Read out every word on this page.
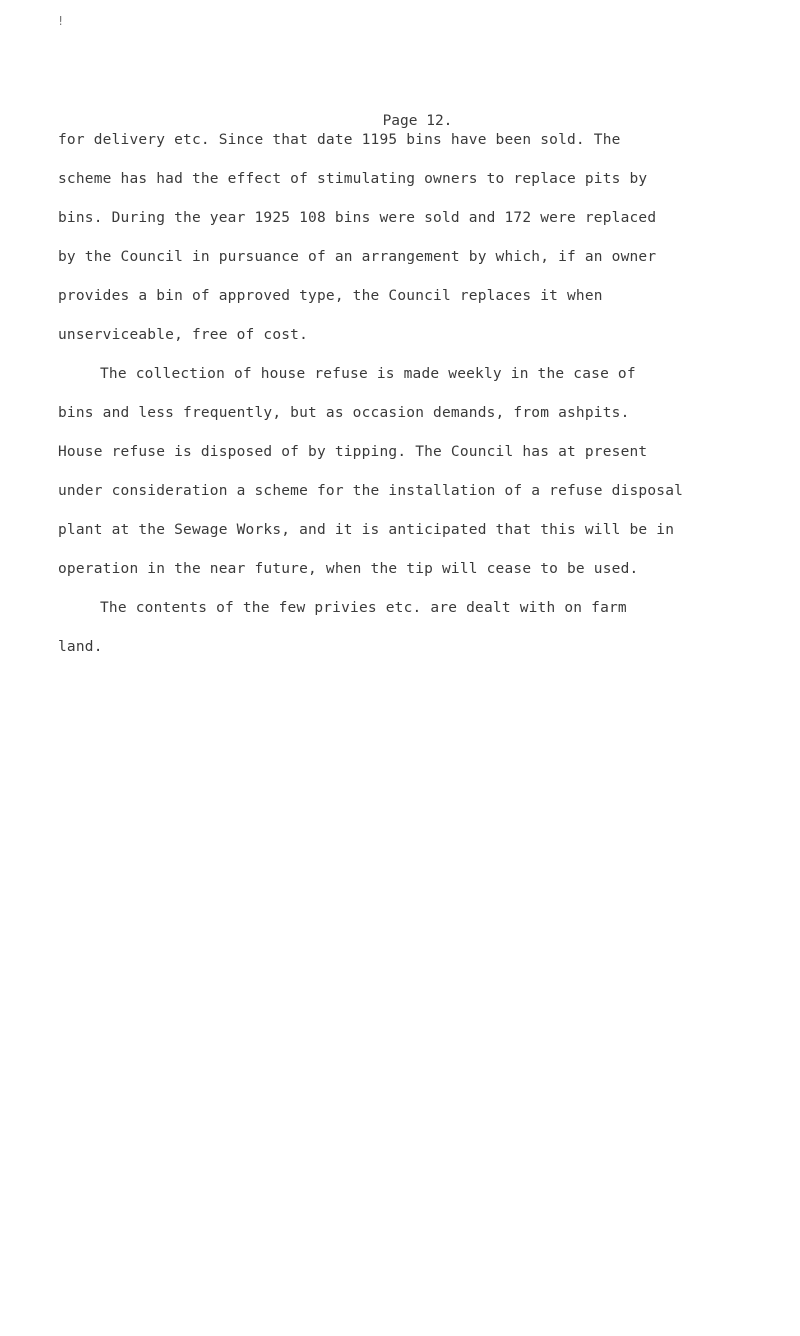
!
Page 12.
for delivery etc. Since that date 1195 bins have been sold. The
scheme has had the effect of stimulating owners to replace pits by
bins. During the year 1925 108 bins were sold and 172 were replaced
by the Council in pursuance of an arrangement by which, if an owner
provides a bin of approved type, the Council replaces it when
unserviceable, free of cost.
The collection of house refuse is made weekly in the case of
bins and less frequently, but as occasion demands, from ashpits.
House refuse is disposed of by tipping. The Council has at present
under consideration a scheme for the installation of a refuse disposal
plant at the Sewage Works, and it is anticipated that this will be in
operation in the near future, when the tip will cease to be used.
The contents of the few privies etc. are dealt with on farm
land.
